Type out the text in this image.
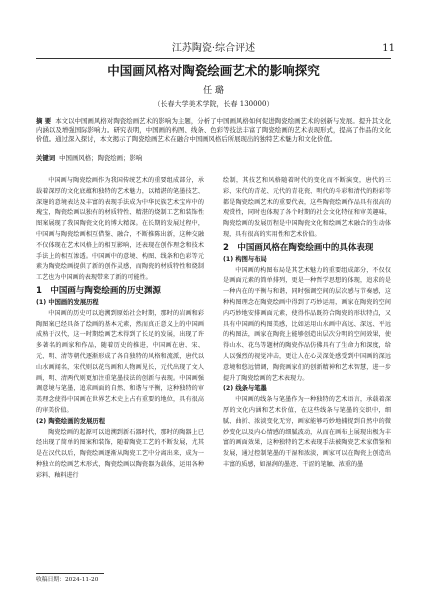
江苏陶瓷·综合评述	11
中国画风格对陶瓷绘画艺术的影响探究
任 璐
（长春大学美术学院，长春 130000）
摘 要 本文以中国画风格对陶瓷绘画艺术的影响为主题，分析了中国画风格如何促进陶瓷绘画艺术的创新与发展。提升其文化内涵以及增强国际影响力。研究表明，中国画的构图、线条、色彩等技法丰富了陶瓷绘画的艺术表现形式，提高了作品的文化价值。通过深入探讨，本文揭示了陶瓷绘画艺术在融合中国画风格后所展现出的独特艺术魅力和文化价值。
关键词 中国画风格；陶瓷绘画；影响

中国画与陶瓷绘画作为我国传统艺术的重要组成部分，承载着深厚的文化底蕴和独特的艺术魅力，以精湛的笔墨技艺、深邃的意境表达及丰富的表现手法成为中华民族艺术宝库中的瑰宝，陶瓷绘画以独有的材质特性、精湛的烧制工艺和装饰性图案展现了我国陶瓷文化的博大精深。在长期的发展过程中，中国画与陶瓷绘画相互借鉴、融合，不断推陈出新，这种交融不仅体现在艺术风格上的相互影响，还表现在创作理念和技术手法上的相互渗透。中国画中的意境、构图、线条和色彩等元素为陶瓷绘画提供了新的创作灵感，而陶瓷的材质特性和烧制工艺也为中国画的表现带来了新的可能性。

1　中国画与陶瓷绘画的历史渊源
(1) 中国画的发展历程

中国画的历史可以追溯到原始社会时期，那时的岩画和彩陶图案已经具备了绘画的基本元素，然而真正意义上的中国画成熟于汉代，这一时期绘画艺术得到了长足的发展，出现了许多著名的画家和作品，随着历史的推进，中国画在唐、宋、元、明、清等朝代逐渐形成了各自独特的风格和流派，唐代以山水画闻名，宋代则以花鸟画和人物画见长，元代出现了文人画，明、清两代则更加注重笔墨技法的创新与表现。中国画强调意境与笔墨，追求画面的自然、和谐与平衡，这种独特的审美理念使得中国画在世界艺术史上占有重要的地位，具有很高的审美价值。

(2) 陶瓷绘画的发展历程

陶瓷绘画的起源可以追溯到新石器时代，那时的陶器上已经出现了简单的图案和装饰，随着陶瓷工艺的不断发展，尤其是在汉代以后，陶瓷绘画逐渐从陶瓷工艺中分离出来，成为一种独立的绘画艺术形式，陶瓷绘画以陶瓷器为载体，运用各种彩料、釉料进行

绘制，其技艺和风格随着时代的变化而不断演变，唐代的三彩、宋代的青花、元代的青花瓷、明代的斗彩和清代的粉彩等都是陶瓷绘画艺术的重要代表，这些陶瓷绘画作品具有很高的观赏性，同时也体现了各个时期的社会文化特征和审美趣味，陶瓷绘画的发展历程是中国陶瓷文化和绘画艺术融合的生动体现，具有很高的实用性和艺术价值。

2　中国画风格在陶瓷绘画中的具体表现
(1) 构图与布局

中国画的构图布局是其艺术魅力的重要组成部分，不仅仅是画面元素的简单排列，更是一种哲学思想的体现，追求的是一种内在的平衡与和谐，同时强调空间的层次感与节奏感，这种构图理念在陶瓷绘画中得到了巧妙运用，画家在陶瓷的空间内巧妙地安排画面元素，使得作品既符合陶瓷的形状特点，又具有中国画的构图美感，比如运用山水画中高远、深远、平远的构图法，画家在陶瓷上能够创造出层次分明的空间效果，使得山水、花鸟等题材的陶瓷作品仿佛具有了生命力和深度，给人以强烈的视觉冲击，更让人在心灵深处感受到中国画的深远意境和悠远情调，陶瓷画家们的创新精神和艺术智慧，进一步提升了陶瓷绘画的艺术表现力。

(2) 线条与笔墨

中国画的线条与笔墨作为一种独特的艺术语言，承载着深厚的文化内涵和艺术价值，在这些线条与笔墨的交织中，细腻、曲折、浓淡变化无穷，画家能够巧妙地捕捉到自然中的微妙变化以及内心情感的细腻波动，从而在画布上展现出极为丰富的画面效果，这种独特的艺术表现手法被陶瓷艺术家借鉴和发展，通过控制笔墨的干湿和浓淡，画家可以在陶瓷上创造出丰富的质感，如湿润的墨迹、干涩的笔触、浓重的墨

收稿日期：2024-11-20
